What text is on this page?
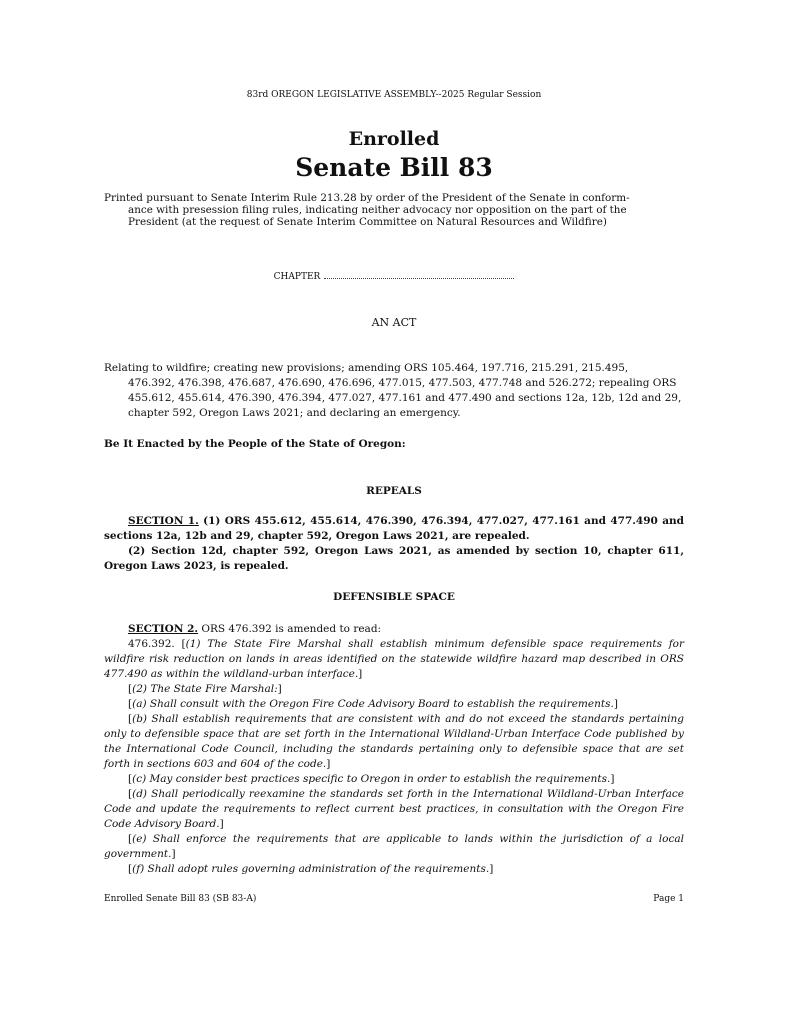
83rd OREGON LEGISLATIVE ASSEMBLY--2025 Regular Session
Enrolled
Senate Bill 83
Printed pursuant to Senate Interim Rule 213.28 by order of the President of the Senate in conform-
ance with presession filing rules, indicating neither advocacy nor opposition on the part of the
President (at the request of Senate Interim Committee on Natural Resources and Wildfire)
CHAPTER
AN ACT
Relating to wildfire; creating new provisions; amending ORS 105.464, 197.716, 215.291, 215.495,
476.392, 476.398, 476.687, 476.690, 476.696, 477.015, 477.503, 477.748 and 526.272; repealing ORS
455.612, 455.614, 476.390, 476.394, 477.027, 477.161 and 477.490 and sections 12a, 12b, 12d and 29,
chapter 592, Oregon Laws 2021; and declaring an emergency.
Be It Enacted by the People of the State of Oregon:
REPEALS
SECTION 1. (1) ORS 455.612, 455.614, 476.390, 476.394, 477.027, 477.161 and 477.490 and sections 12a, 12b and 29, chapter 592, Oregon Laws 2021, are repealed.
(2) Section 12d, chapter 592, Oregon Laws 2021, as amended by section 10, chapter 611, Oregon Laws 2023, is repealed.
DEFENSIBLE SPACE
SECTION 2. ORS 476.392 is amended to read:
476.392. [(1) The State Fire Marshal shall establish minimum defensible space requirements for wildfire risk reduction on lands in areas identified on the statewide wildfire hazard map described in ORS 477.490 as within the wildland-urban interface.]
[(2) The State Fire Marshal:]
[(a) Shall consult with the Oregon Fire Code Advisory Board to establish the requirements.]
[(b) Shall establish requirements that are consistent with and do not exceed the standards pertaining only to defensible space that are set forth in the International Wildland-Urban Interface Code published by the International Code Council, including the standards pertaining only to defensible space that are set forth in sections 603 and 604 of the code.]
[(c) May consider best practices specific to Oregon in order to establish the requirements.]
[(d) Shall periodically reexamine the standards set forth in the International Wildland-Urban Interface Code and update the requirements to reflect current best practices, in consultation with the Oregon Fire Code Advisory Board.]
[(e) Shall enforce the requirements that are applicable to lands within the jurisdiction of a local government.]
[(f) Shall adopt rules governing administration of the requirements.]
Enrolled Senate Bill 83 (SB 83-A)	Page 1
